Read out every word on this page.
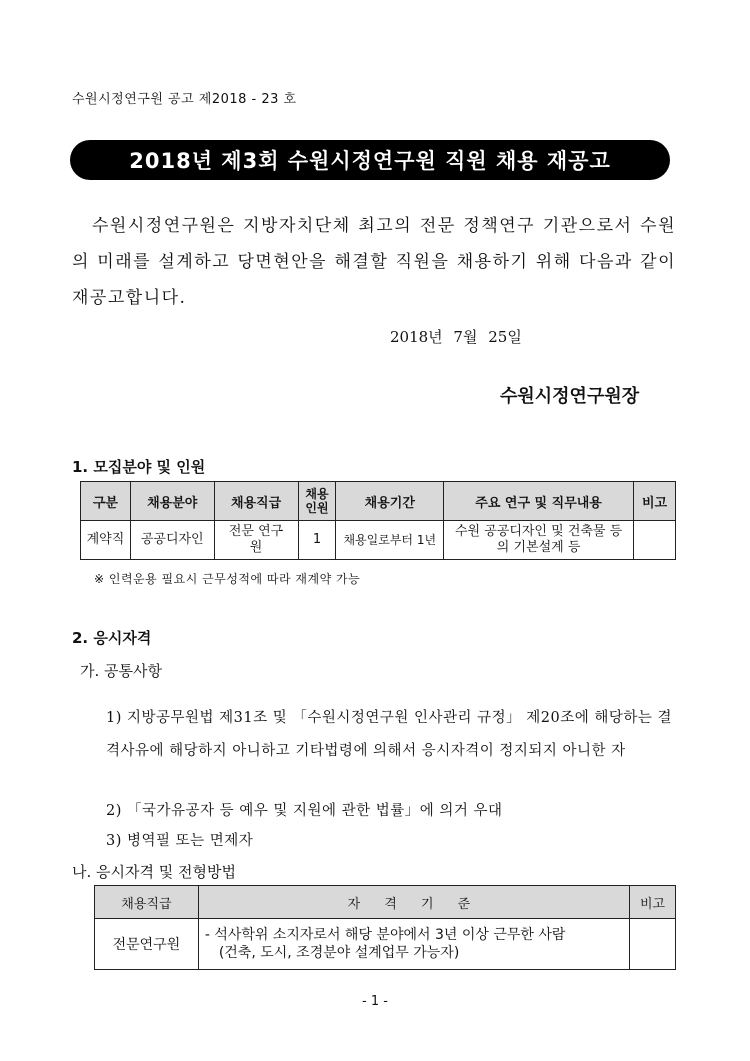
수원시정연구원 공고 제2018 - 23 호
2018년 제3회 수원시정연구원 직원 채용 재공고
수원시정연구원은 지방자치단체 최고의 전문 정책연구 기관으로서 수원의 미래를 설계하고 당면현안을 해결할 직원을 채용하기 위해 다음과 같이 재공고합니다.
2018년 7월 25일
수원시정연구원장
1. 모집분야 및 인원
구분	채용분야	채용직급	채용인원	채용기간	주요 연구 및 직무내용	비고
계약직	공공디자인	전문 연구원	1	채용일로부터 1년	수원 공공디자인 및 건축물 등의 기본설계 등	
※ 인력운용 필요시 근무성적에 따라 재계약 가능
2. 응시자격
가. 공통사항
1) 지방공무원법 제31조 및 「수원시정연구원 인사관리 규정」 제20조에 해당하는 결격사유에 해당하지 아니하고 기타법령에 의해서 응시자격이 정지되지 아니한 자
2) 「국가유공자 등 예우 및 지원에 관한 법률」에 의거 우대
3) 병역필 또는 면제자
나. 응시자격 및 전형방법
채용직급	자 격 기 준	비고
전문연구원	- 석사학위 소지자로서 해당 분야에서 3년 이상 근무한 사람
(건축, 도시, 조경분야 설계업무 가능자)	

- 1 -
